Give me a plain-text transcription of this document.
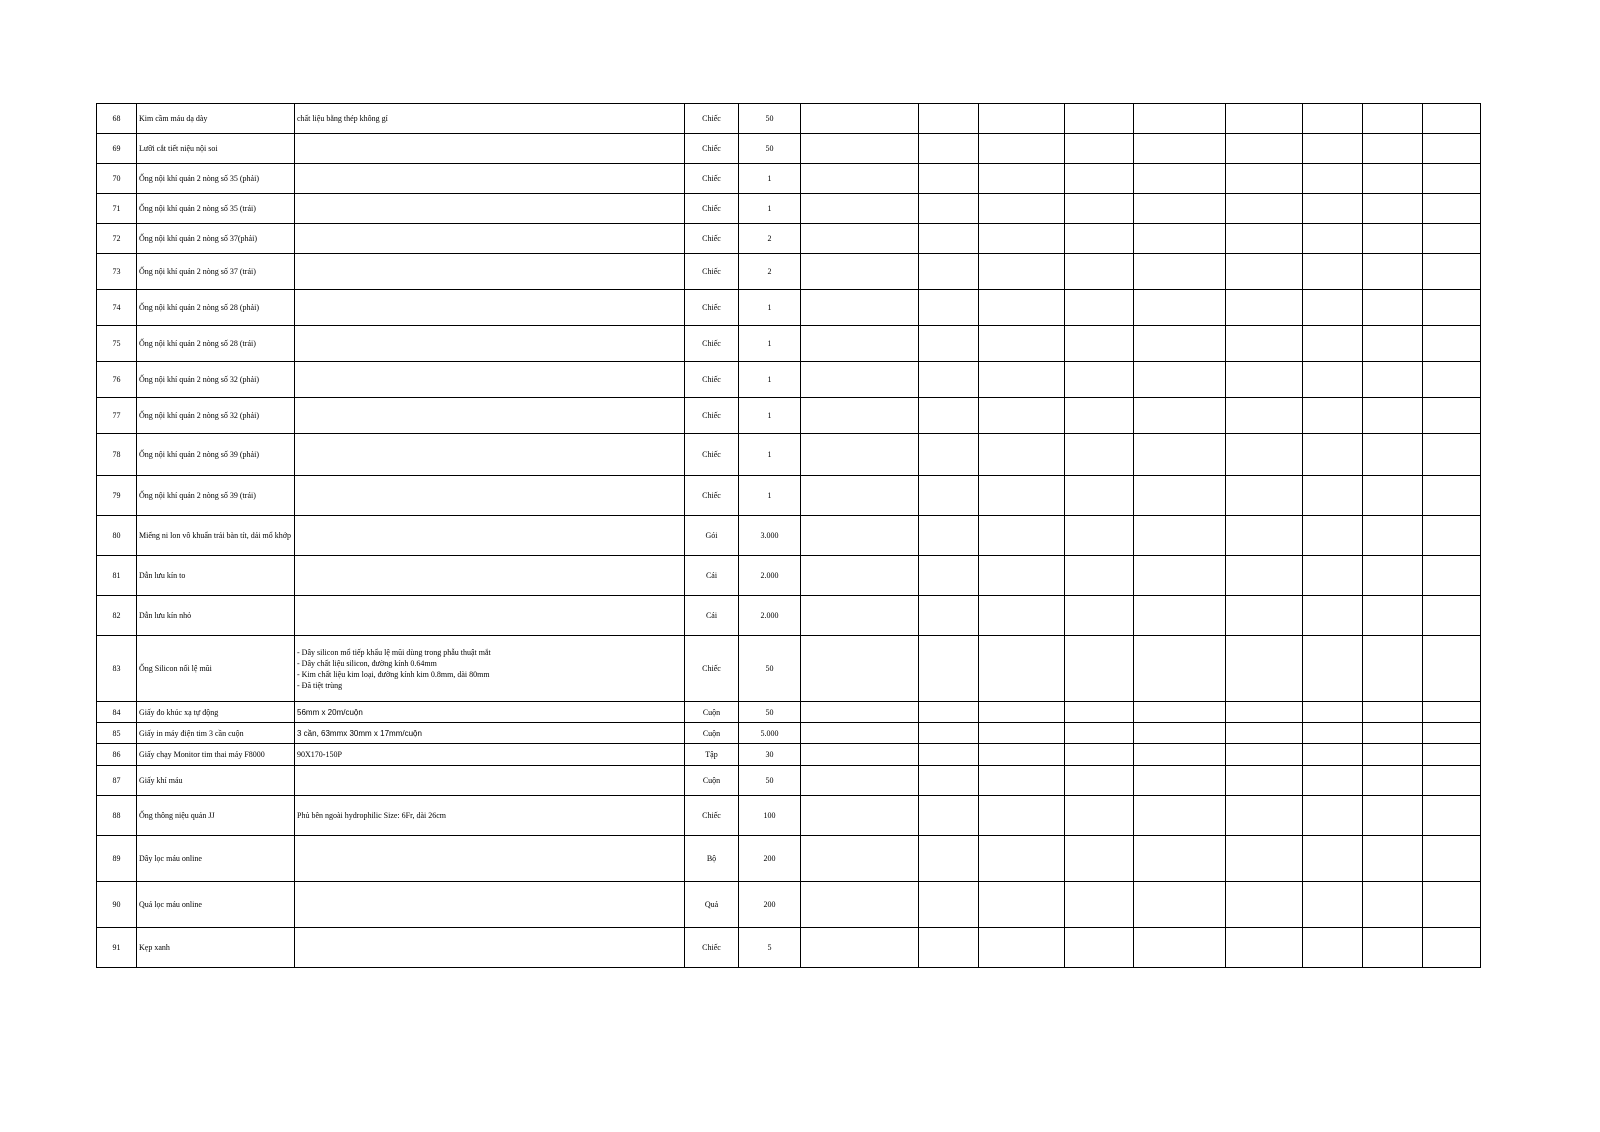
68	Kim cầm máu dạ dày	chất liệu bằng thép không gỉ	Chiếc	50									
69	Lưỡi cắt tiết niệu nội soi		Chiếc	50									
70	Ống nội khí quản 2 nòng số 35 (phải)		Chiếc	1									
71	Ống nội khí quản 2 nòng số 35 (trái)		Chiếc	1									
72	Ống nội khí quản 2 nòng số 37(phải)		Chiếc	2									
73	Ống nội khí quản 2 nòng số 37 (trái)		Chiếc	2									
74	Ống nội khí quản 2 nòng số 28 (phải)		Chiếc	1									
75	Ống nội khí quản 2 nòng số 28 (trái)		Chiếc	1									
76	Ống nội khí quản 2 nòng số 32 (phải)		Chiếc	1									
77	Ống nội khí quản 2 nòng số 32 (phải)		Chiếc	1									
78	Ống nội khí quản 2 nòng số 39 (phải)		Chiếc	1									
79	Ống nội khí quản 2 nòng số 39 (trái)		Chiếc	1									
80	Miếng ni lon vô khuẩn trải bàn tít, dải mổ khớp		Gói	3.000									
81	Dẫn lưu kín to		Cái	2.000									
82	Dẫn lưu kín nhỏ		Cái	2.000									
83	Ống Silicon nối lệ mũi	- Dây silicon mổ tiếp khẩu lệ mũi dùng trong phẫu thuật mắt
- Dây chất liệu silicon, đường kính 0.64mm
- Kim chất liệu kim loại, đường kính kim 0.8mm, dài 80mm
- Đã tiệt trùng	Chiếc	50									
84	Giấy đo khúc xạ tự động	56mm x 20m/cuộn	Cuộn	50									
85	Giấy in máy điện tim 3 cần cuộn	3 cần, 63mmx 30mm x 17mm/cuộn	Cuộn	5.000									
86	Giấy chạy Monitor tim thai máy F8000	90X170-150P	Tập	30									
87	Giấy khí máu		Cuộn	50									
88	Ống thông niệu quản JJ	Phủ bên ngoài hydrophilic Size: 6Fr, dài 26cm	Chiếc	100									
89	Dây lọc máu online		Bộ	200									
90	Quả lọc máu online		Quả	200									
91	Kẹp xanh		Chiếc	5									
